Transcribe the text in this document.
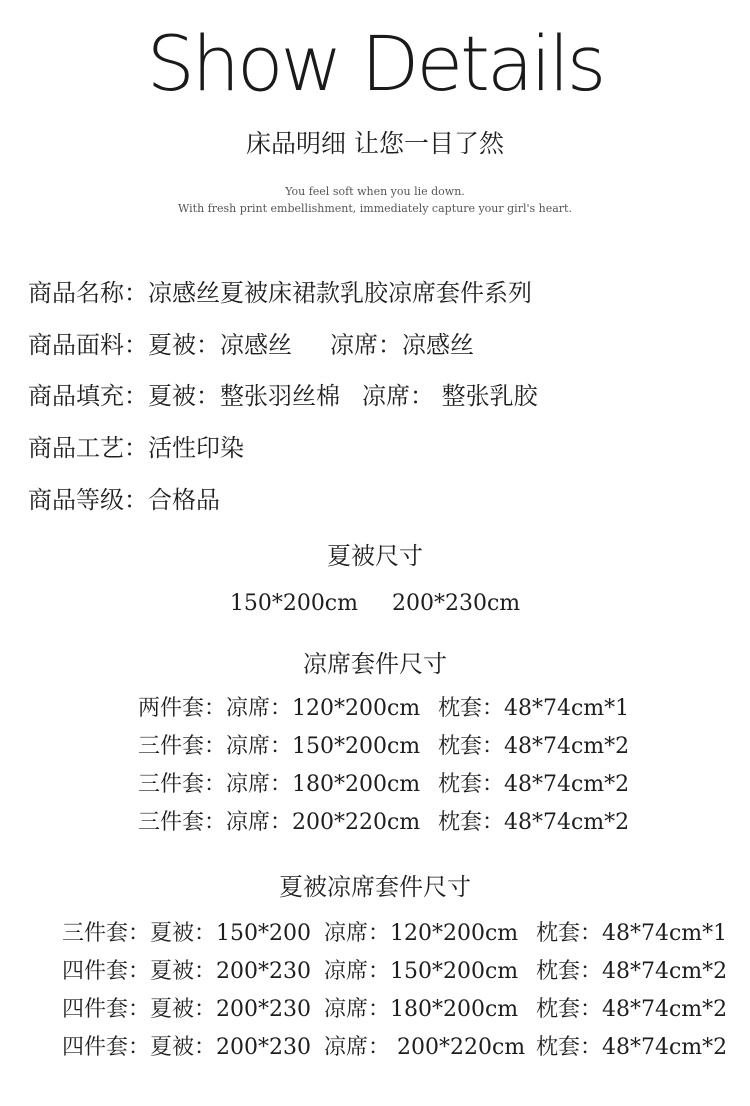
Show Details
床品明细 让您一目了然
You feel soft when you lie down.
With fresh print embellishment, immediately capture your girl's heart.
商品名称：凉感丝夏被床裙款乳胶凉席套件系列
商品面料：夏被：凉感丝 凉席：凉感丝
商品填充：夏被：整张羽丝棉 凉席： 整张乳胶
商品工艺：活性印染
商品等级：合格品
夏被尺寸
150*200cm 200*230cm
凉席套件尺寸
两件套： 凉席：120*200cm 枕套：48*74cm*1
三件套： 凉席：150*200cm 枕套：48*74cm*2
三件套： 凉席：180*200cm 枕套：48*74cm*2
三件套： 凉席：200*220cm 枕套：48*74cm*2
夏被凉席套件尺寸
三件套 ：夏被：150*200 凉席：120*200cm 枕套：48*74cm*1
四件套 ：夏被：200*230 凉席：150*200cm 枕套：48*74cm*2
四件套 ：夏被：200*230 凉席：180*200cm 枕套：48*74cm*2
四件套 ：夏被：200*230 凉席： 200*220cm 枕套：48*74cm*2
